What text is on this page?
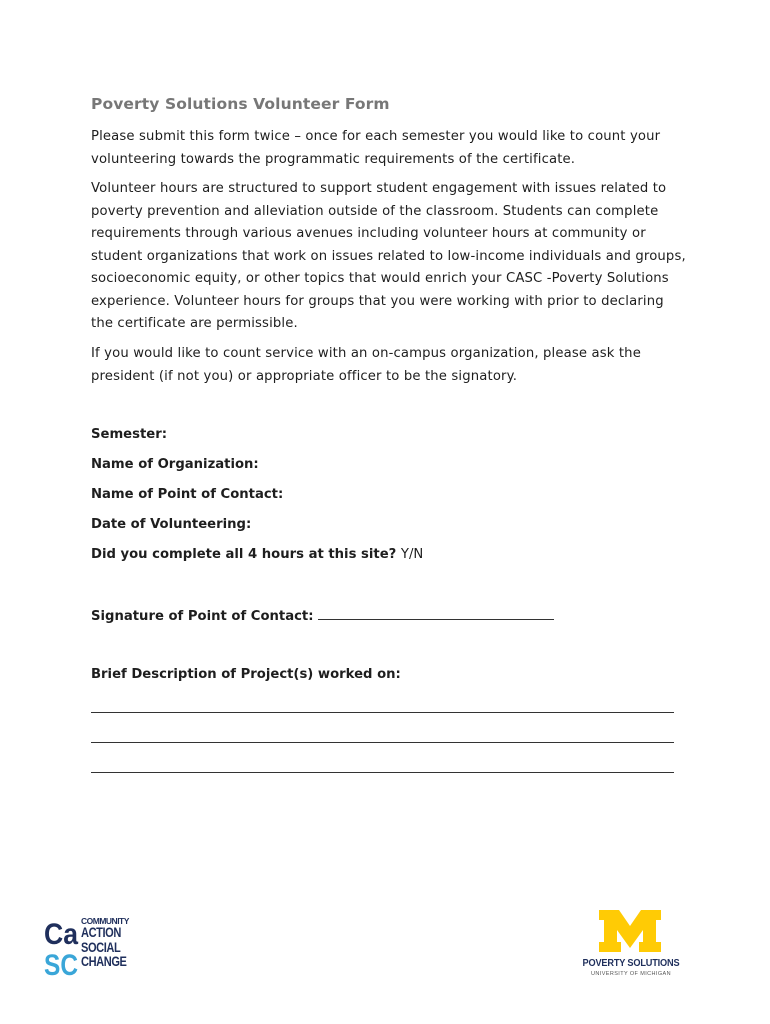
Poverty Solutions Volunteer Form
Please submit this form twice – once for each semester you would like to count your
volunteering towards the programmatic requirements of the certificate.
Volunteer hours are structured to support student engagement with issues related to
poverty prevention and alleviation outside of the classroom. Students can complete
requirements through various avenues including volunteer hours at community or
student organizations that work on issues related to low-income individuals and groups,
socioeconomic equity, or other topics that would enrich your CASC -Poverty Solutions
experience. Volunteer hours for groups that you were working with prior to declaring
the certificate are permissible.
If you would like to count service with an on-campus organization, please ask the
president (if not you) or appropriate officer to be the signatory.
Semester:
Name of Organization:
Name of Point of Contact:
Date of Volunteering:
Did you complete all 4 hours at this site? Y/N
Signature of Point of Contact:
Brief Description of Project(s) worked on:
Ca
SC
COMMUNITY
ACTION
SOCIAL
CHANGE	POVERTY SOLUTIONS
UNIVERSITY OF MICHIGAN
